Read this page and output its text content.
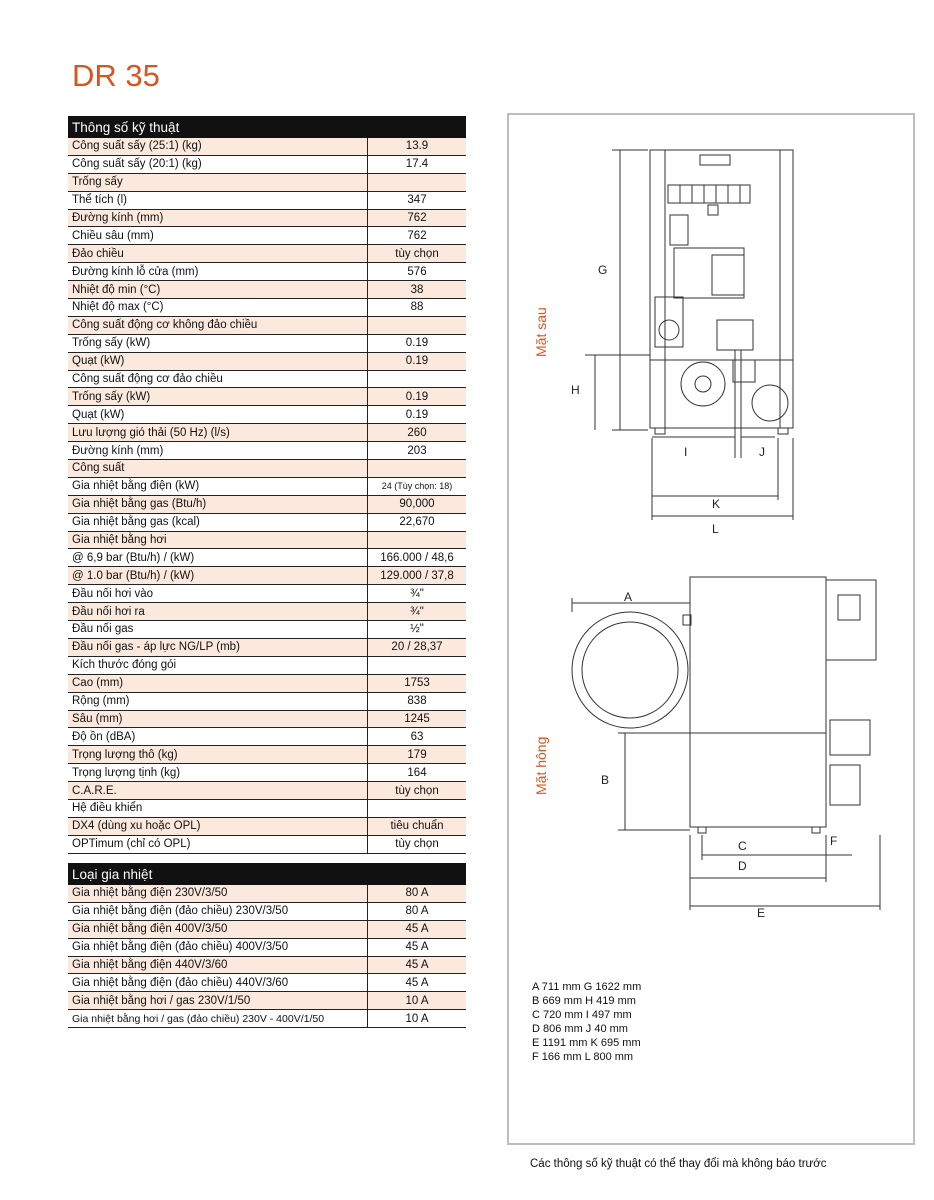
DR 35
Thông số kỹ thuật	
Công suất sấy (25:1) (kg)	13.9
Công suất sấy (20:1) (kg)	17.4
Trống sấy	
Thể tích (l)	347
Đường kính (mm)	762
Chiều sâu (mm)	762
Đảo chiều	tùy chọn
Đường kính lỗ cửa (mm)	576
Nhiệt độ min (°C)	38
Nhiệt độ max (°C)	88
Công suất động cơ không đảo chiều	
Trống sấy (kW)	0.19
Quạt (kW)	0.19
Công suất động cơ đảo chiều	
Trống sấy (kW)	0.19
Quạt (kW)	0.19
Lưu lượng gió thải (50 Hz) (l/s)	260
Đường kính (mm)	203
Công suất	
Gia nhiệt bằng điện (kW)	24 (Tùy chọn: 18)
Gia nhiệt bằng gas (Btu/h)	90,000
Gia nhiệt bằng gas (kcal)	22,670
Gia nhiệt bằng hơi	
@ 6,9 bar (Btu/h) / (kW)	166.000 / 48,6
@ 1.0 bar (Btu/h) / (kW)	129.000 / 37,8
Đầu nối hơi vào	¾"
Đầu nối hơi ra	¾"
Đầu nối gas	½"
Đầu nối gas - áp lực NG/LP (mb)	20 / 28,37
Kích thước đóng gói	
Cao (mm)	1753
Rộng (mm)	838
Sâu (mm)	1245
Độ ồn (dBA)	63
Trọng lượng thô (kg)	179
Trọng lượng tịnh (kg)	164
C.A.R.E.	tùy chọn
Hệ điều khiển	
DX4 (dùng xu hoặc OPL)	tiêu chuẩn
OPTimum (chỉ có OPL)	tùy chọn
Loại gia nhiệt	
Gia nhiệt bằng điện 230V/3/50	80 A
Gia nhiệt bằng điện (đảo chiều) 230V/3/50	80 A
Gia nhiệt bằng điện 400V/3/50	45 A
Gia nhiệt bằng điện (đảo chiều) 400V/3/50	45 A
Gia nhiệt bằng điện 440V/3/60	45 A
Gia nhiệt bằng điện (đảo chiều) 440V/3/60	45 A
Gia nhiệt bằng hơi / gas 230V/1/50	10 A
Gia nhiệt bằng hơi / gas (đảo chiều) 230V - 400V/1/50	10 A
Mặt sau
Mặt hông
G
H
I	J
K
L
A
B
C
D
F
E
A 711 mm G 1622 mm
B 669 mm H 419 mm
C 720 mm I 497 mm
D 806 mm J 40 mm
E 1191 mm K 695 mm
F 166 mm L 800 mm
Các thông số kỹ thuật có thể thay đổi mà không báo trước
